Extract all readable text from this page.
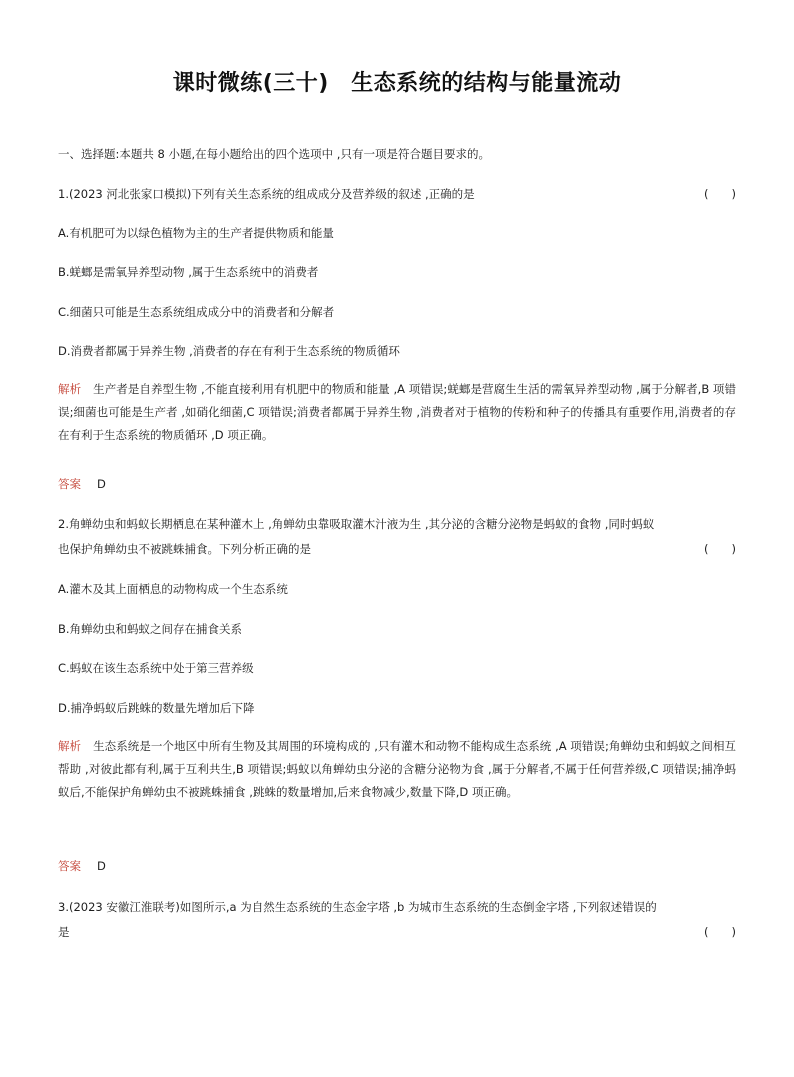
课时微练(三十)　生态系统的结构与能量流动
一、选择题:本题共 8 小题,在每小题给出的四个选项中 ,只有一项是符合题目要求的。
1.(2023 河北张家口模拟)下列有关生态系统的组成成分及营养级的叙述 ,正确的是	(　　)
A.有机肥可为以绿色植物为主的生产者提供物质和能量
B.蜣螂是需氧异养型动物 ,属于生态系统中的消费者
C.细菌只可能是生态系统组成成分中的消费者和分解者
D.消费者都属于异养生物 ,消费者的存在有利于生态系统的物质循环
解析 生产者是自养型生物 ,不能直接利用有机肥中的物质和能量 ,A 项错误;蜣螂是营腐生生活的需氧异养型动物 ,属于分解者,B 项错误;细菌也可能是生产者 ,如硝化细菌,C 项错误;消费者都属于异养生物 ,消费者对于植物的传粉和种子的传播具有重要作用,消费者的存在有利于生态系统的物质循环 ,D 项正确。
答案 D
2.角蝉幼虫和蚂蚁长期栖息在某种灌木上 ,角蝉幼虫靠吸取灌木汁液为生 ,其分泌的含糖分泌物是蚂蚁的食物 ,同时蚂蚁
也保护角蝉幼虫不被跳蛛捕食。下列分析正确的是	(　　)
A.灌木及其上面栖息的动物构成一个生态系统
B.角蝉幼虫和蚂蚁之间存在捕食关系
C.蚂蚁在该生态系统中处于第三营养级
D.捕净蚂蚁后跳蛛的数量先增加后下降
解析 生态系统是一个地区中所有生物及其周围的环境构成的 ,只有灌木和动物不能构成生态系统 ,A 项错误;角蝉幼虫和蚂蚁之间相互帮助 ,对彼此都有利,属于互利共生,B 项错误;蚂蚁以角蝉幼虫分泌的含糖分泌物为食 ,属于分解者,不属于任何营养级,C 项错误;捕净蚂蚁后,不能保护角蝉幼虫不被跳蛛捕食 ,跳蛛的数量增加,后来食物减少,数量下降,D 项正确。
答案 D
3.(2023 安徽江淮联考)如图所示,a 为自然生态系统的生态金字塔 ,b 为城市生态系统的生态倒金字塔 ,下列叙述错误的
是	(　　)
